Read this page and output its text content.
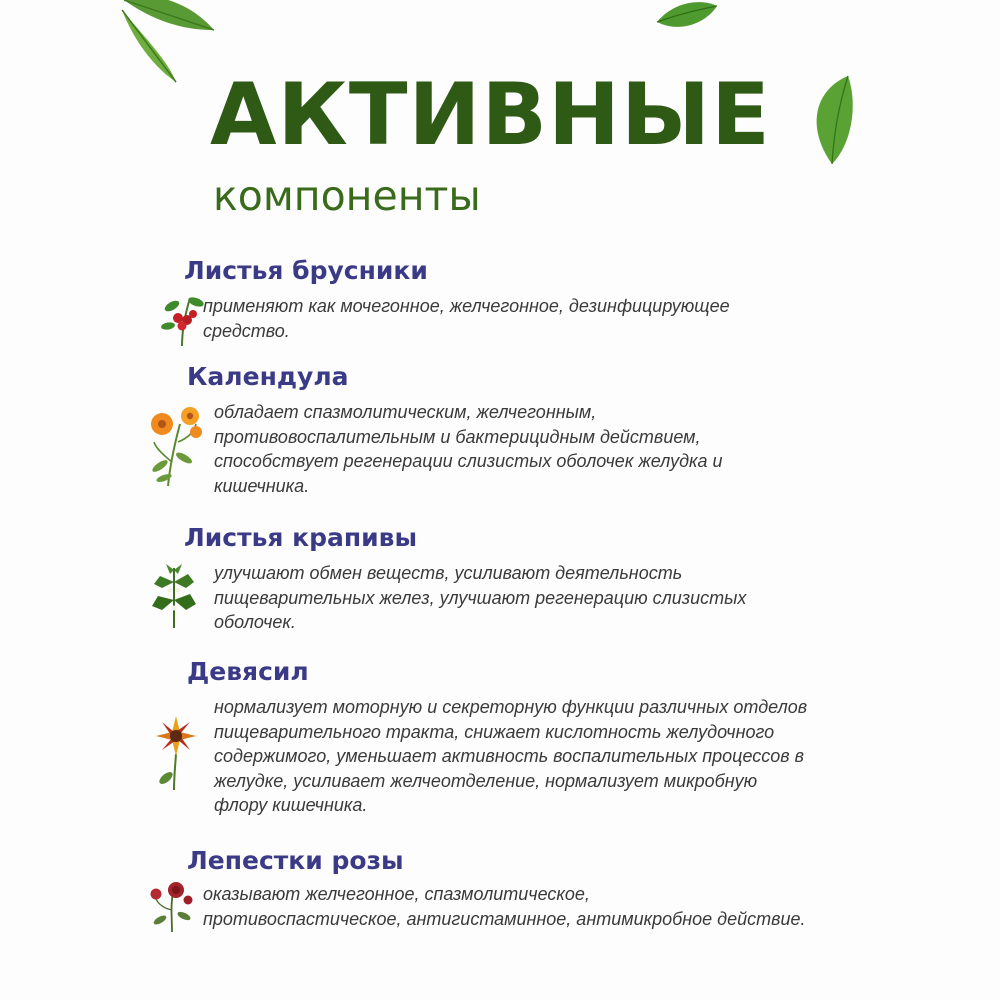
АКТИВНЫЕ
компоненты
Листья брусники
применяют как мочегонное, желчегонное, дезинфицирующее
средство.
Календула
обладает спазмолитическим, желчегонным,
противовоспалительным и бактерицидным действием,
способствует регенерации слизистых оболочек желудка и
кишечника.
Листья крапивы
улучшают обмен веществ, усиливают деятельность
пищеварительных желез, улучшают регенерацию слизистых
оболочек.
Девясил
нормализует моторную и секреторную функции различных отделов
пищеварительного тракта, снижает кислотность желудочного
содержимого, уменьшает активность воспалительных процессов в
желудке, усиливает желчеотделение, нормализует микробную
флору кишечника.
Лепестки розы
оказывают желчегонное, спазмолитическое,
противоспастическое, антигистаминное, антимикробное действие.
